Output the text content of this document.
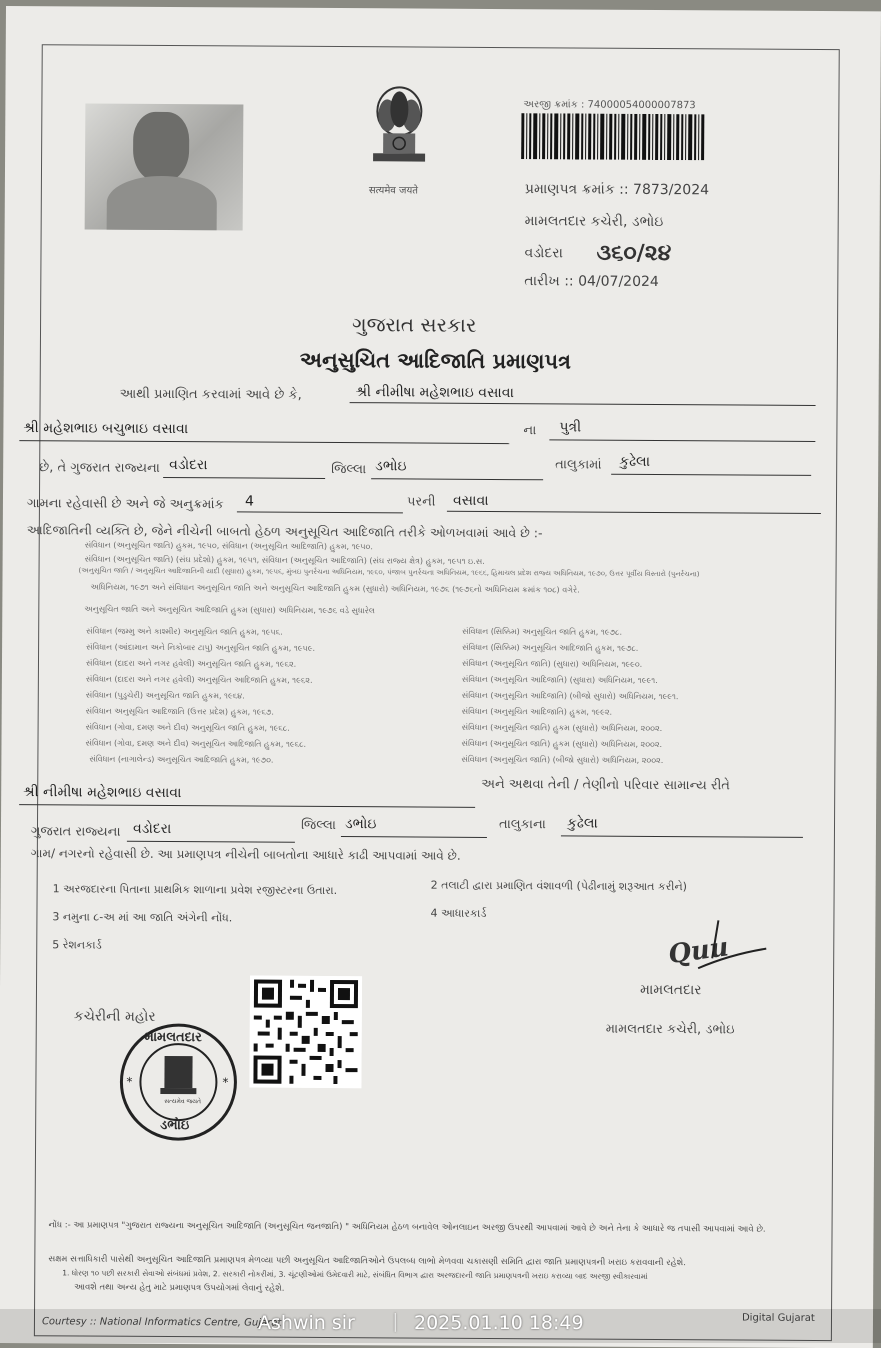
सत्यमेव जयते
અરજી ક્રમાંક : 74000054000007873
પ્રમાણપત્ર ક્રમાંક :: 7873/2024
મામલતદાર કચેરી, ડભોઇ
વડોદરા ૩૬૦/૨૪
તારીખ :: 04/07/2024
ગુજરાત સરકાર
અનુસુચિત આદિજાતિ પ્રમાણપત્ર
આથી પ્રમાણિત કરવામાં આવે છે કે,	શ્રી નીમીષા મહેશભાઇ વસાવા
શ્રી મહેશભાઇ બચુભાઇ વસાવા	ના પુત્રી
છે, તે ગુજરાત રાજ્યના વડોદરા	જિલ્લા ડભોઇ	તાલુકામાં કુઢેલા
ગામના રહેવાસી છે અને જે અનુક્રમાંક 4	પરની વસાવા
આદિજાતિની વ્યક્તિ છે, જેને નીચેની બાબતો હેઠળ અનુસૂચિત આદિજાતિ તરીકે ઓળખવામાં આવે છે :-
સંવિધાન (અનુસૂચિત જાતિ) હુકમ, ૧૯૫૦, સંવિધાન (અનુસૂચિત આદિજાતિ) હુકમ, ૧૯૫૦.
સંવિધાન (અનુસૂચિત જાતિ) (સંઘ પ્રદેશો) હુકમ, ૧૯૫૧, સંવિધાન (અનુસૂચિત આદિજાતિ) (સંઘ રાજ્ય ક્ષેત્ર) હુકમ, ૧૯૫૧ ઇ.સ.
(અનુસૂચિત જાતિ / અનુસૂચિત આદિજાતિની યાદી (સુધારા) હુકમ, ૧૯૫૬, મુંબઇ પુનર્રચના અધિનિયમ, ૧૯૬૦, પંજાબ પુનર્રચના અધિનિયમ, ૧૯૬૬, હિમાચલ પ્રદેશ રાજ્ય અધિનિયમ, ૧૯૭૦, ઉત્તર પૂર્વીય વિસ્તારો (પુનર્રચના)
અધિનિયમ, ૧૯૭૧ અને સંવિધાન અનુસૂચિત જાતિ અને અનુસૂચિત આદિજાતિ હુકમ (સુધારો) અધિનિયમ, ૧૯૭૬ (૧૯૭૬નો અધિનિયમ ક્રમાંક ૧૦૮) વગેરે.
અનુસૂચિત જાતિ અને અનુસૂચિત આદિજાતિ હુકમ (સુધારા) અધિનિયમ, ૧૯૭૬ વડે સુધારેલ
સંવિધાન (જમ્મુ અને કાશ્મીર) અનુસૂચિત જાતિ હુકમ, ૧૯૫૬.
સંવિધાન (આંદામાન અને નિકોબાર ટાપુ) અનુસૂચિત જાતિ હુકમ, ૧૯૫૯.
સંવિધાન (દાદરા અને નગર હવેલી) અનુસૂચિત જાતિ હુકમ, ૧૯૬૨.
સંવિધાન (દાદરા અને નગર હવેલી) અનુસૂચિત આદિજાતિ હુકમ, ૧૯૬૨.
સંવિધાન (પુડુચેરી) અનુસૂચિત જાતિ હુકમ, ૧૯૬૪.
સંવિધાન અનુસૂચિત આદિજાતિ (ઉત્તર પ્રદેશ) હુકમ, ૧૯૬૭.
સંવિધાન (ગોવા, દમણ અને દીવ) અનુસૂચિત જાતિ હુકમ, ૧૯૬૮.
સંવિધાન (ગોવા, દમણ અને દીવ) અનુસૂચિત આદિજાતિ હુકમ, ૧૯૬૮.
સંવિધાન (નાગાલેન્ડ) અનુસૂચિત આદિજાતિ હુકમ, ૧૯૭૦.
સંવિધાન (સિક્કિમ) અનુસૂચિત જાતિ હુકમ, ૧૯૭૮.
સંવિધાન (સિક્કિમ) અનુસૂચિત આદિજાતિ હુકમ, ૧૯૭૮.
સંવિધાન (અનુસૂચિત જાતિ) (સુધારા) અધિનિયમ, ૧૯૯૦.
સંવિધાન (અનુસૂચિત આદિજાતિ) (સુધારા) અધિનિયમ, ૧૯૯૧.
સંવિધાન (અનુસૂચિત આદિજાતિ) (બીજો સુધારો) અધિનિયમ, ૧૯૯૧.
સંવિધાન (અનુસૂચિત આદિજાતિ) હુકમ, ૧૯૯૨.
સંવિધાન (અનુસૂચિત જાતિ) હુકમ (સુધારો) અધિનિયમ, ૨૦૦૨.
સંવિધાન (અનુસૂચિત જાતિ) હુકમ (સુધારો) અધિનિયમ, ૨૦૦૨.
સંવિધાન (અનુસૂચિત જાતિ) (બીજો સુધારો) અધિનિયમ, ૨૦૦૨.
શ્રી નીમીષા મહેશભાઇ વસાવા	અને અથવા તેની / તેણીનો પરિવાર સામાન્ય રીતે
ગુજરાત રાજ્યના વડોદરા	જિલ્લા ડભોઇ	તાલુકાના કુઢેલા
ગામ/ નગરનો રહેવાસી છે. આ પ્રમાણપત્ર નીચેની બાબતોના આધારે કાઢી આપવામાં આવે છે.
1 અરજદારના પિતાના પ્રાથમિક શાળાના પ્રવેશ રજીસ્ટરના ઉતારા.	2 તલાટી દ્વારા પ્રમાણિત વંશાવળી (પેઢીનામું શરૂઆત કરીને)
3 નમુના ૮-અ માં આ જાતિ અંગેની નોંધ.	4 આધારકાર્ડ
5 રેશનકાર્ડ	Quu
મામલતદાર
મામલતદાર કચેરી, ડભોઇ
કચેરીની મહોર
*	*
મામલતદાર
સત્યમેવ જયતે
ડભોઇ
નોંધ :- આ પ્રમાણપત્ર "ગુજરાત રાજ્યના અનુસૂચિત આદિજાતિ (અનુસૂચિત જનજાતિ) " અધિનિયમ હેઠળ બનાવેલ ઓનલાઇન અરજી ઉપરથી આપવામાં આવે છે અને તેના કે આધારે જ તપાસી આપવામાં આવે છે.
સક્ષમ સત્તાધિકારી પાસેથી અનુસૂચિત આદિજાતિ પ્રમાણપત્ર મેળવ્યા પછી અનુસૂચિત આદિજાતિઓને ઉપલબ્ધ લાભો મેળવવા ચકાસણી સમિતિ દ્વારા જાતિ પ્રમાણપત્રની ખરાઇ કરાવવાની રહેશે.
1. ધોરણ ૧૦ પછી સરકારી સેવાઓ સંબંધમાં પ્રવેશ, 2. સરકારી નોકરીમાં, 3. ચૂંટણીઓમાં ઉમેદવારી માટે, સંબંધિત વિભાગ દ્વારા અરજદારની જાતિ પ્રમાણપત્રની ખરાઇ કરાવ્યા બાદ અરજી સ્વીકારવામાં
આવશે તથા અન્ય હેતુ માટે પ્રમાણપત્ર ઉપયોગમાં લેવાનું રહેશે.
Courtesy :: National Informatics Centre, Gujarat	Digital Gujarat
Ashwin sir | 2025.01.10 18:49
